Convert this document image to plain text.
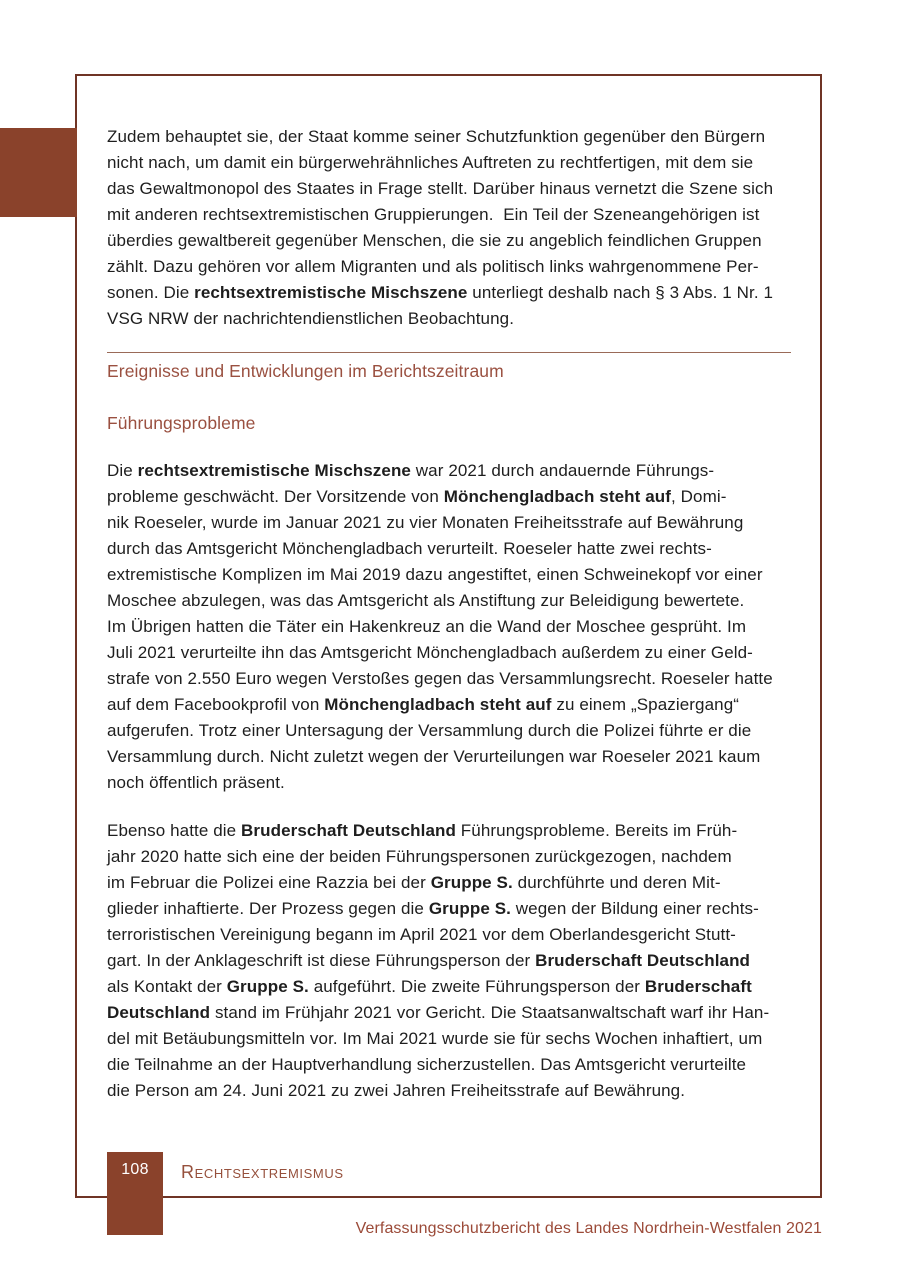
Zudem behauptet sie, der Staat komme seiner Schutzfunktion gegenüber den Bürgern
nicht nach, um damit ein bürgerwehrähnliches Auftreten zu rechtfertigen, mit dem sie
das Gewaltmonopol des Staates in Frage stellt. Darüber hinaus vernetzt die Szene sich
mit anderen rechtsextremistischen Gruppierungen.  Ein Teil der Szeneangehörigen ist
überdies gewaltbereit gegenüber Menschen, die sie zu angeblich feindlichen Gruppen
zählt. Dazu gehören vor allem Migranten und als politisch links wahrgenommene Per-
sonen. Die rechtsextremistische Mischszene unterliegt deshalb nach § 3 Abs. 1 Nr. 1
VSG NRW der nachrichtendienstlichen Beobachtung.
Ereignisse und Entwicklungen im Berichtszeitraum
Führungsprobleme
Die rechtsextremistische Mischszene war 2021 durch andauernde Führungs-
probleme geschwächt. Der Vorsitzende von Mönchengladbach steht auf, Domi-
nik Roeseler, wurde im Januar 2021 zu vier Monaten Freiheitsstrafe auf Bewährung
durch das Amtsgericht Mönchengladbach verurteilt. Roeseler hatte zwei rechts-
extremistische Komplizen im Mai 2019 dazu angestiftet, einen Schweinekopf vor einer
Moschee abzulegen, was das Amtsgericht als Anstiftung zur Beleidigung bewertete.
Im Übrigen hatten die Täter ein Hakenkreuz an die Wand der Moschee gesprüht. Im
Juli 2021 verurteilte ihn das Amtsgericht Mönchengladbach außerdem zu einer Geld-
strafe von 2.550 Euro wegen Verstoßes gegen das Versammlungsrecht. Roeseler hatte
auf dem Facebookprofil von Mönchengladbach steht auf zu einem „Spaziergang“
aufgerufen. Trotz einer Untersagung der Versammlung durch die Polizei führte er die
Versammlung durch. Nicht zuletzt wegen der Verurteilungen war Roeseler 2021 kaum
noch öffentlich präsent.
Ebenso hatte die Bruderschaft Deutschland Führungsprobleme. Bereits im Früh-
jahr 2020 hatte sich eine der beiden Führungspersonen zurückgezogen, nachdem
im Februar die Polizei eine Razzia bei der Gruppe S. durchführte und deren Mit-
glieder inhaftierte. Der Prozess gegen die Gruppe S. wegen der Bildung einer rechts-
terroristischen Vereinigung begann im April 2021 vor dem Oberlandesgericht Stutt-
gart. In der Anklageschrift ist diese Führungsperson der Bruderschaft Deutschland
als Kontakt der Gruppe S. aufgeführt. Die zweite Führungsperson der Bruderschaft
Deutschland stand im Frühjahr 2021 vor Gericht. Die Staatsanwaltschaft warf ihr Han-
del mit Betäubungsmitteln vor. Im Mai 2021 wurde sie für sechs Wochen inhaftiert, um
die Teilnahme an der Hauptverhandlung sicherzustellen. Das Amtsgericht verurteilte
die Person am 24. Juni 2021 zu zwei Jahren Freiheitsstrafe auf Bewährung.
Rechtsextremismus
108
Verfassungsschutzbericht des Landes Nordrhein-Westfalen 2021
